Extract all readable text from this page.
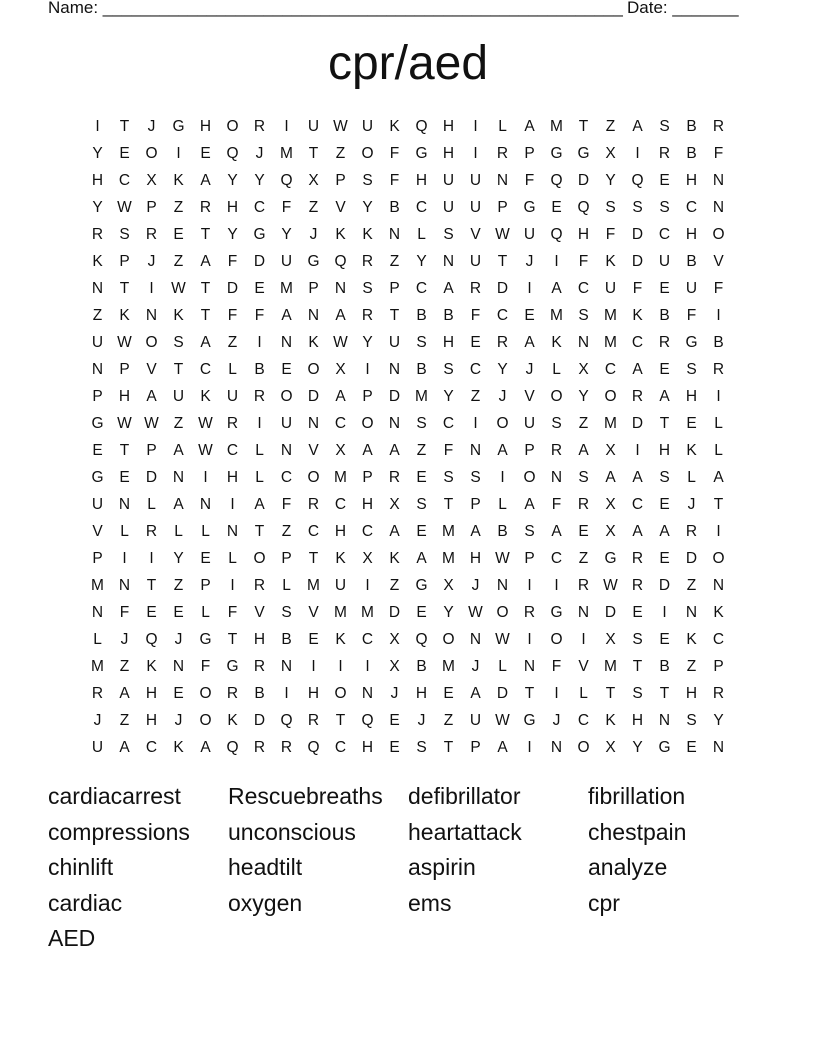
Name: _______________________________________________________ Date: _______
cpr/aed
I	T	J	G H O R	I	U W U	K	Q H	I	L	A M	T	Z	A	S	B	R
Y	E	O	I	E	Q	J	M	T	Z	O	F	G H	I	R	P	G G	X	I	R	B	F
H	C	X	K	A	Y	Y	Q	X	P	S	F	H	U	U	N	F	Q D	Y	Q	E	H	N
Y W P	Z	R	H	C	F	Z	V	Y	B	C	U	U	P	G	E	Q	S	S	S	C	N
R	S	R	E	T	Y	G	Y	J	K	K	N	L	S	V W U Q H	F	D	C	H O
K	P	J	Z	A	F	D	U G Q R	Z	Y	N	U	T	J	I	F	K	D	U	B	V
N	T	I	W T	D	E M P	N	S	P	C	A	R	D	I	A	C	U	F	E	U	F
Z	K	N	K	T	F	F	A	N	A	R	T	B	B	F	C	E M S M K	B	F	I
U W O	S	A	Z	I	N	K W Y	U	S	H	E	R	A	K	N M C	R G	B
N	P	V	T	C	L	B	E	O	X	I	N	B	S	C	Y	J	L	X	C	A	E	S	R
P	H	A	U	K	U	R O D	A	P	D M Y	Z	J	V	O	Y	O R	A	H	I
G W W Z W R	I	U	N	C O N	S	C	I	O U	S	Z	M D	T	E	L
E	T	P	A W C	L	N	V	X	A	A	Z	F	N	A	P	R	A	X	I	H	K	L
G	E	D	N	I	H	L	C O M P	R	E	S	S	I	O N	S	A	A	S	L	A
U	N	L	A	N	I	A	F	R	C	H	X	S	T	P	L	A	F	R	X	C	E	J	T
V	L	R	L	L	N	T	Z	C	H	C	A	E M A	B	S	A	E	X	A	A	R	I
P	I	I	Y	E	L	O	P	T	K	X	K	A M H W P	C	Z	G R	E	D O
M N	T	Z	P	I	R	L	M U	I	Z	G	X	J	N	I	I	R W R	D	Z	N
N	F	E	E	L	F	V	S	V M M D	E	Y W O R G N	D	E	I	N	K
L	J	Q	J	G	T	H	B	E	K	C	X	Q O N W	I	O	I	X	S	E	K	C
M	Z	K	N	F	G R	N	I	I	I	X	B M	J	L	N	F	V M	T	B	Z	P
R	A	H	E	O R	B	I	H O N	J	H	E	A	D	T	I	L	T	S	T	H	R
J	Z	H	J	O	K	D Q R	T	Q	E	J	Z	U W G	J	C	K	H	N	S	Y
U	A	C	K	A	Q R	R Q C	H	E	S	T	P	A	I	N O	X	Y	G	E	N
cardiacarrest	Rescuebreaths	defibrillator	fibrillation
compressions	unconscious	heartattack	chestpain
chinlift	headtilt	aspirin	analyze
cardiac	oxygen	ems	cpr
AED
